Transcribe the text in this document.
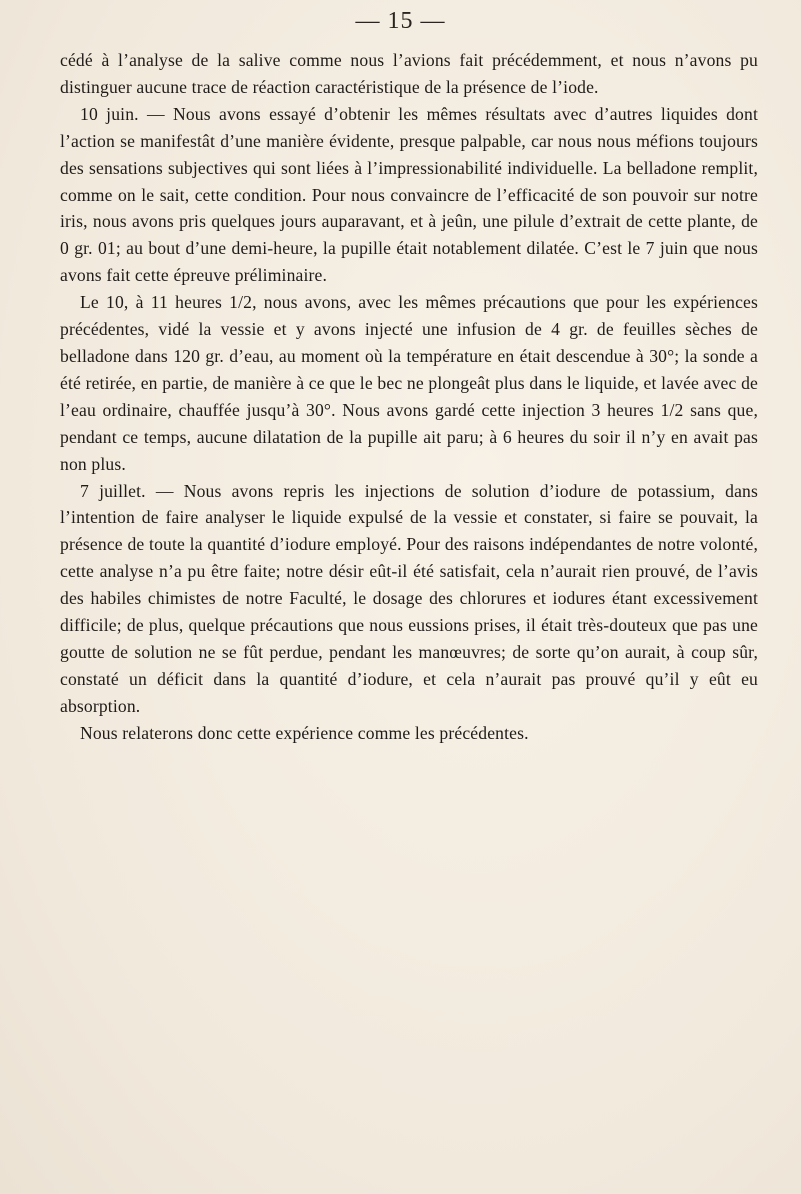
— 15 —

cédé à l’analyse de la salive comme nous l’avions fait précédemment, et nous n’avons pu distinguer aucune trace de réaction caractéristique de la présence de l’iode.

10 juin. — Nous avons essayé d’obtenir les mêmes résultats avec d’autres liquides dont l’action se manifestât d’une manière évidente, presque palpable, car nous nous méfions toujours des sensations subjectives qui sont liées à l’impressionabilité individuelle. La belladone remplit, comme on le sait, cette condition. Pour nous convaincre de l’efficacité de son pouvoir sur notre iris, nous avons pris quelques jours auparavant, et à jeûn, une pilule d’extrait de cette plante, de 0 gr. 01; au bout d’une demi-heure, la pupille était notablement dilatée. C’est le 7 juin que nous avons fait cette épreuve préliminaire.

Le 10, à 11 heures 1/2, nous avons, avec les mêmes précautions que pour les expériences précédentes, vidé la vessie et y avons injecté une infusion de 4 gr. de feuilles sèches de belladone dans 120 gr. d’eau, au moment où la température en était descendue à 30°; la sonde a été retirée, en partie, de manière à ce que le bec ne plongeât plus dans le liquide, et lavée avec de l’eau ordinaire, chauffée jusqu’à 30°. Nous avons gardé cette injection 3 heures 1/2 sans que, pendant ce temps, aucune dilatation de la pupille ait paru; à 6 heures du soir il n’y en avait pas non plus.

7 juillet. — Nous avons repris les injections de solution d’iodure de potassium, dans l’intention de faire analyser le liquide expulsé de la vessie et constater, si faire se pouvait, la présence de toute la quantité d’iodure employé. Pour des raisons indépendantes de notre volonté, cette analyse n’a pu être faite; notre désir eût-il été satisfait, cela n’aurait rien prouvé, de l’avis des habiles chimistes de notre Faculté, le dosage des chlorures et iodures étant excessivement difficile; de plus, quelque précautions que nous eussions prises, il était très-douteux que pas une goutte de solution ne se fût perdue, pendant les manœuvres; de sorte qu’on aurait, à coup sûr, constaté un déficit dans la quantité d’iodure, et cela n’aurait pas prouvé qu’il y eût eu absorption.

Nous relaterons donc cette expérience comme les précédentes.
